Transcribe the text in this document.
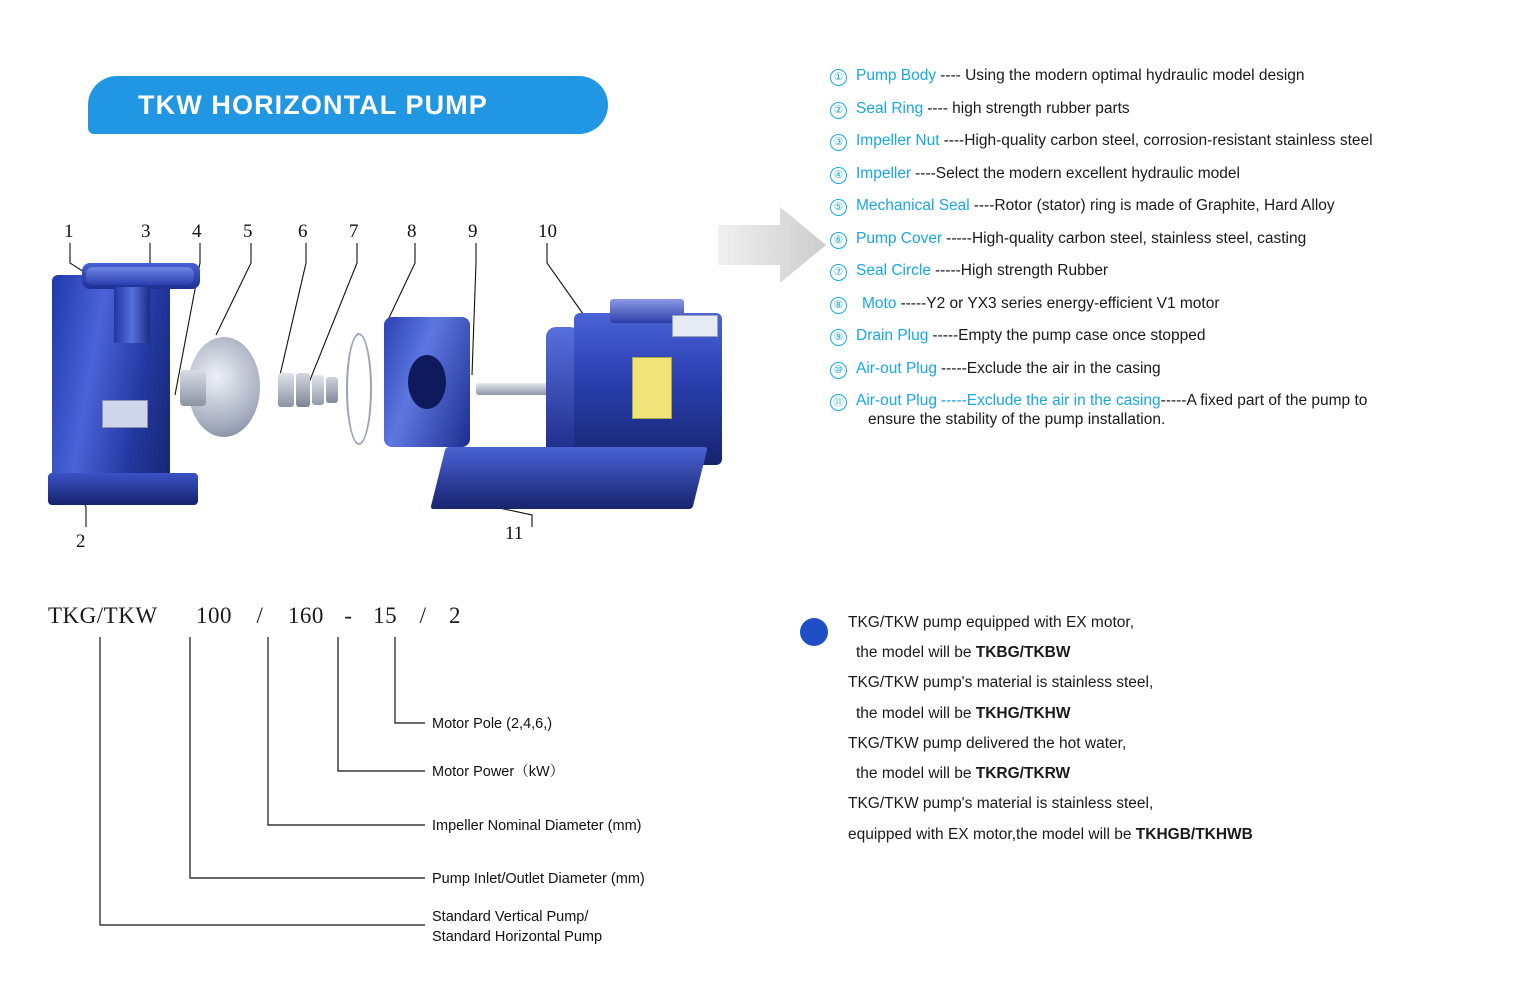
TKW HORIZONTAL PUMP
1	3 4 5 6 7	8	9	10
2	11
① Pump Body ---- Using the modern optimal hydraulic model design
② Seal Ring ---- high strength rubber parts
③ Impeller Nut ----High-quality carbon steel, corrosion-resistant stainless steel
④ Impeller ----Select the modern excellent hydraulic model
⑤ Mechanical Seal ----Rotor (stator) ring is made of Graphite, Hard Alloy
⑥ Pump Cover -----High-quality carbon steel, stainless steel, casting
⑦ Seal Circle -----High strength Rubber
⑧	Moto -----Y2 or YX3 series energy-efficient V1 motor
⑨ Drain Plug -----Empty the pump case once stopped
⑩ Air-out Plug -----Exclude the air in the casing
⑪ Air-out Plug -----Exclude the air in the casing-----A fixed part of the pump to
ensure the stability of the pump installation.
TKG/TKW 100 / 160 - 15 / 2
Motor Pole (2,4,6,)
Motor Power（kW）
Impeller Nominal Diameter (mm)
Pump Inlet/Outlet Diameter (mm)
Standard Vertical Pump/
Standard Horizontal Pump
TKG/TKW pump equipped with EX motor,
the model will be TKBG/TKBW
TKG/TKW pump's material is stainless steel,
the model will be TKHG/TKHW
TKG/TKW pump delivered the hot water,
the model will be TKRG/TKRW
TKG/TKW pump's material is stainless steel,
equipped with EX motor,the model will be TKHGB/TKHWB
